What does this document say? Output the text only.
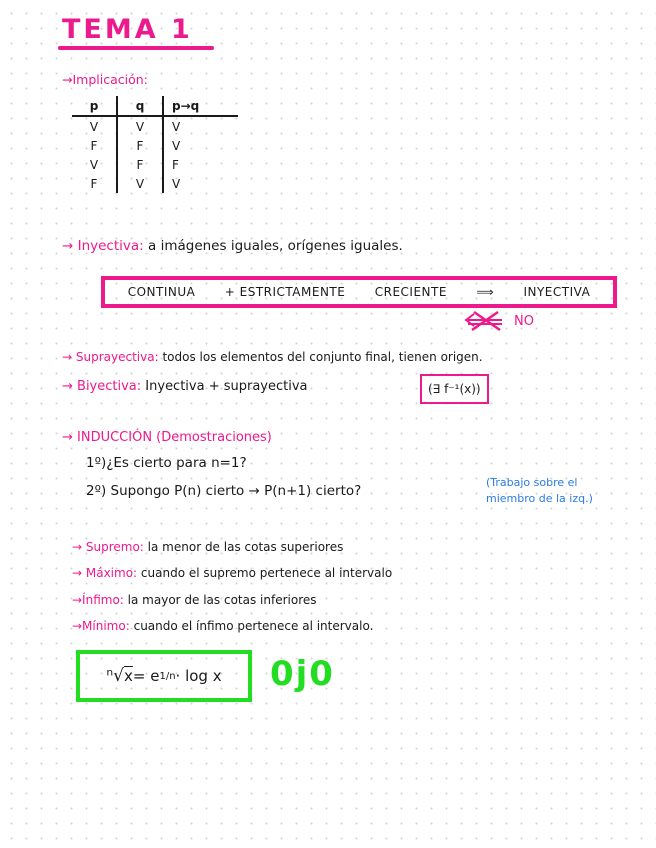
TEMA 1
→Implicación:
p	q	p→q
V	V	V
F	F	V
V	F	F
F	V	V
→ Inyectiva: a imágenes iguales, orígenes iguales.
CONTINUA + ESTRICTAMENTE CRECIENTE ⟹ INYECTIVA
NO
→ Suprayectiva: todos los elementos del conjunto final, tienen origen.
→ Biyectiva: Inyectiva + suprayectiva	(∃ f⁻¹(x))
→ INDUCCIÓN (Demostraciones)
1º)¿Es cierto para n=1?
2º) Supongo P(n) cierto → P(n+1) cierto?
(Trabajo sobre el
miembro de la izq.)
→ Supremo: la menor de las cotas superiores
→ Máximo: cuando el supremo pertenece al intervalo
→Ínfimo: la mayor de las cotas inferiores
→Mínimo: cuando el ínfimo pertenece al intervalo.
ⁿ√ x = e 1/n · log x 0j0
